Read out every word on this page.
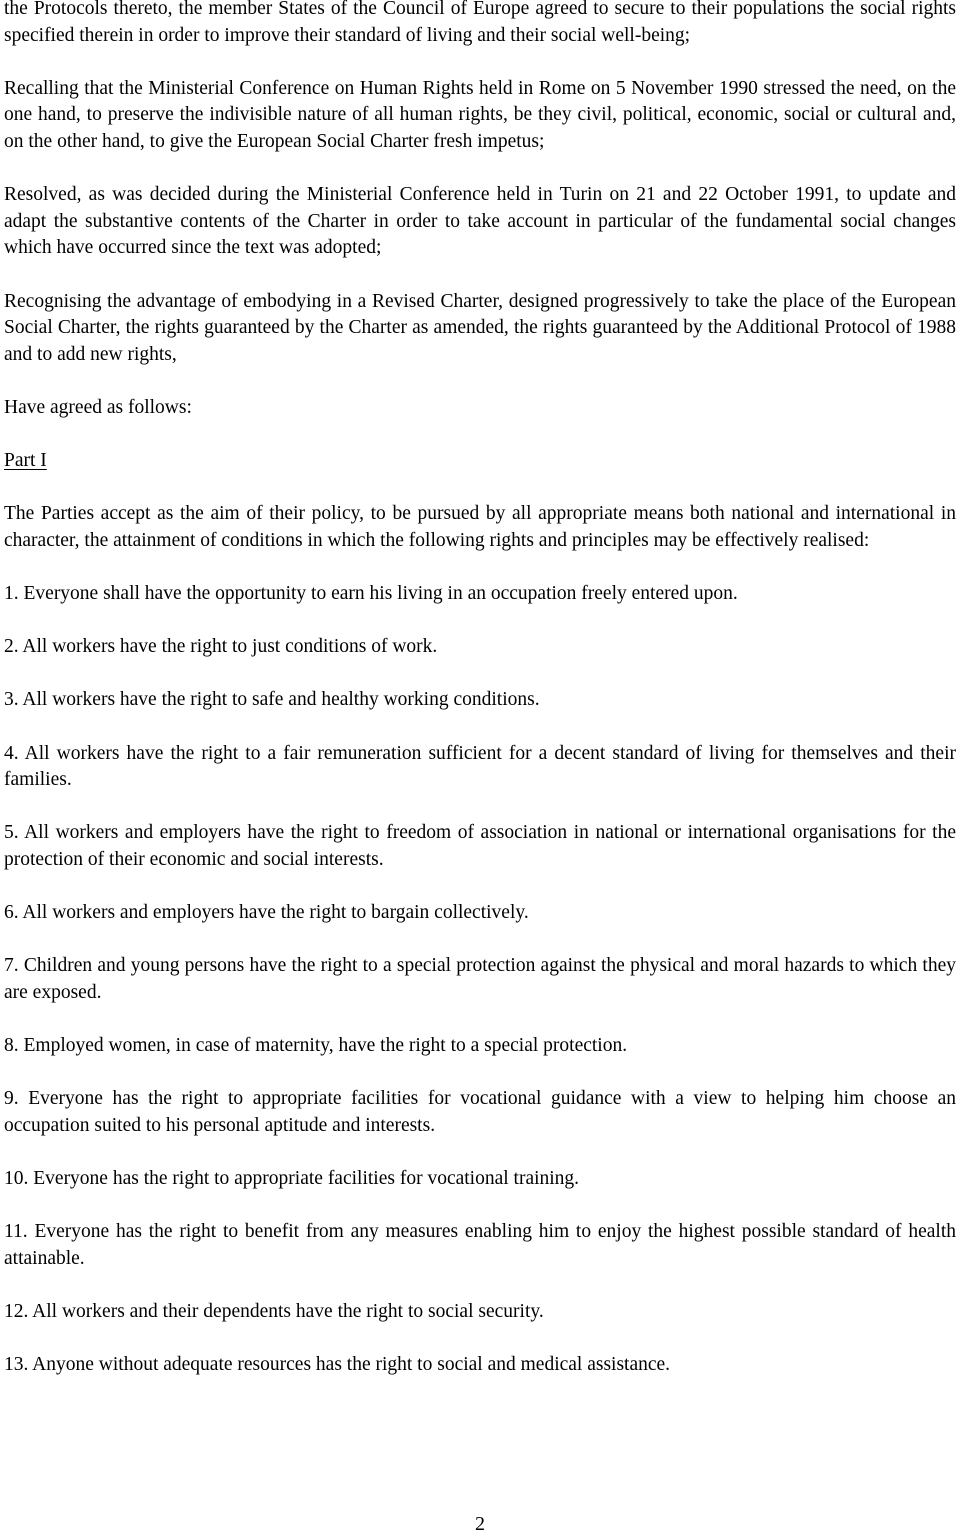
the Protocols thereto, the member States of the Council of Europe agreed to secure to their populations the social rights specified therein in order to improve their standard of living and their social well-being;

Recalling that the Ministerial Conference on Human Rights held in Rome on 5 November 1990 stressed the need, on the one hand, to preserve the indivisible nature of all human rights, be they civil, political, economic, social or cultural and, on the other hand, to give the European Social Charter fresh impetus;

Resolved, as was decided during the Ministerial Conference held in Turin on 21 and 22 October 1991, to update and adapt the substantive contents of the Charter in order to take account in particular of the fundamental social changes which have occurred since the text was adopted;

Recognising the advantage of embodying in a Revised Charter, designed progressively to take the place of the European Social Charter, the rights guaranteed by the Charter as amended, the rights guaranteed by the Additional Protocol of 1988 and to add new rights,

Have agreed as follows:

Part I

The Parties accept as the aim of their policy, to be pursued by all appropriate means both national and international in character, the attainment of conditions in which the following rights and principles may be effectively realised:

1. Everyone shall have the opportunity to earn his living in an occupation freely entered upon.
2. All workers have the right to just conditions of work.
3. All workers have the right to safe and healthy working conditions.
4. All workers have the right to a fair remuneration sufficient for a decent standard of living for themselves and their families.
5. All workers and employers have the right to freedom of association in national or international organisations for the protection of their economic and social interests.
6. All workers and employers have the right to bargain collectively.
7. Children and young persons have the right to a special protection against the physical and moral hazards to which they are exposed.
8. Employed women, in case of maternity, have the right to a special protection.
9. Everyone has the right to appropriate facilities for vocational guidance with a view to helping him choose an occupation suited to his personal aptitude and interests.
10. Everyone has the right to appropriate facilities for vocational training.
11. Everyone has the right to benefit from any measures enabling him to enjoy the highest possible standard of health attainable.
12. All workers and their dependents have the right to social security.
13. Anyone without adequate resources has the right to social and medical assistance.
2
